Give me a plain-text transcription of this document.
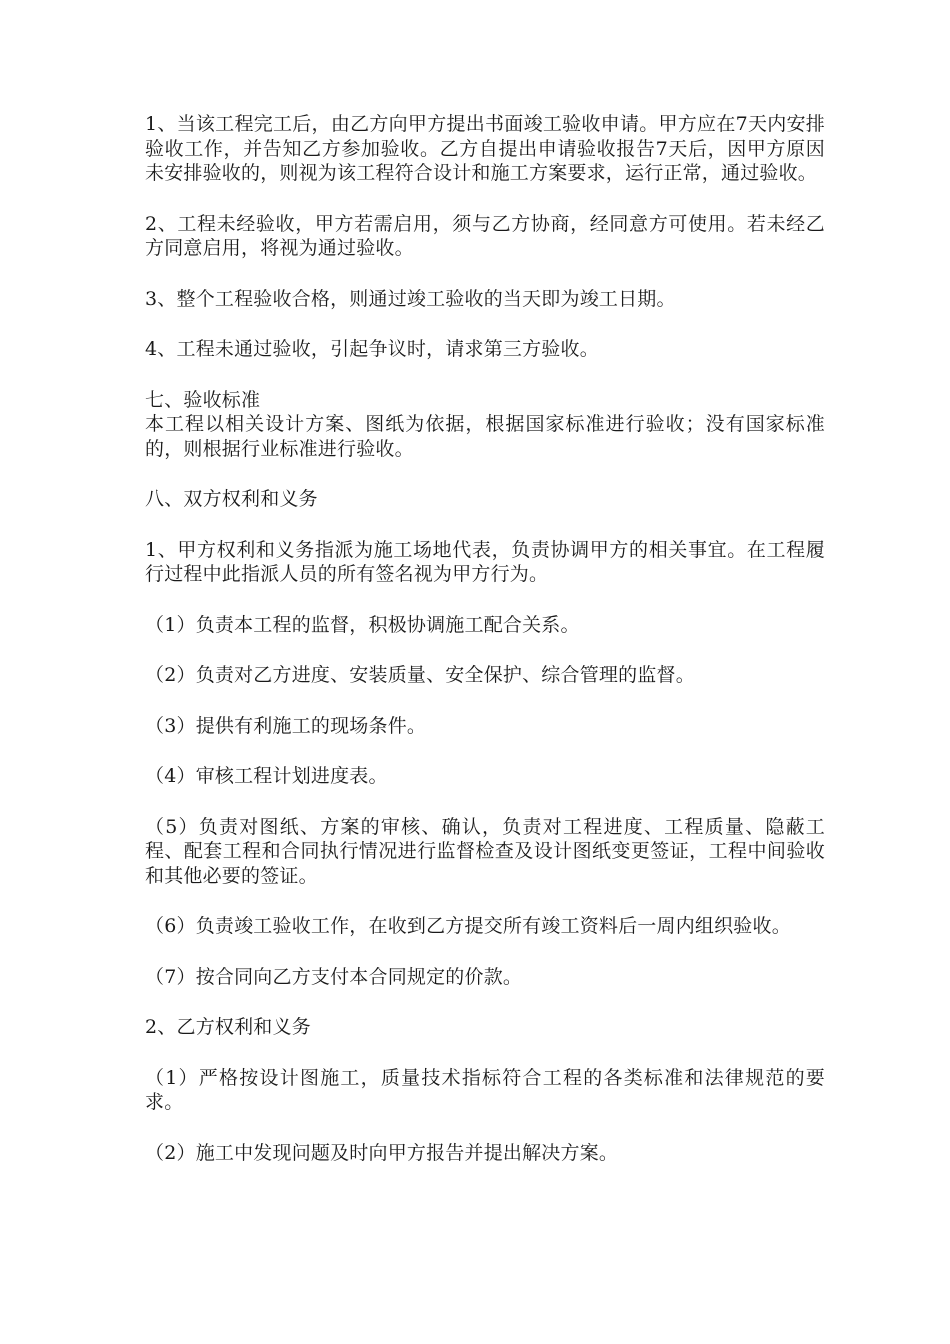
1、当该工程完工后，由乙方向甲方提出书面竣工验收申请。甲方应在7天内安排验收工作，并告知乙方参加验收。乙方自提出申请验收报告7天后，因甲方原因未安排验收的，则视为该工程符合设计和施工方案要求，运行正常，通过验收。

2、工程未经验收，甲方若需启用，须与乙方协商，经同意方可使用。若未经乙方同意启用，将视为通过验收。

3、整个工程验收合格，则通过竣工验收的当天即为竣工日期。

4、工程未通过验收，引起争议时，请求第三方验收。

七、验收标准

本工程以相关设计方案、图纸为依据，根据国家标准进行验收；没有国家标准的，则根据行业标准进行验收。

八、双方权利和义务

1、甲方权利和义务指派为施工场地代表，负责协调甲方的相关事宜。在工程履行过程中此指派人员的所有签名视为甲方行为。

（1）负责本工程的监督，积极协调施工配合关系。

（2）负责对乙方进度、安装质量、安全保护、综合管理的监督。

（3）提供有利施工的现场条件。

（4）审核工程计划进度表。

（5）负责对图纸、方案的审核、确认，负责对工程进度、工程质量、隐蔽工程、配套工程和合同执行情况进行监督检查及设计图纸变更签证，工程中间验收和其他必要的签证。

（6）负责竣工验收工作，在收到乙方提交所有竣工资料后一周内组织验收。

（7）按合同向乙方支付本合同规定的价款。

2、乙方权利和义务

（1）严格按设计图施工，质量技术指标符合工程的各类标准和法律规范的要求。

（2）施工中发现问题及时向甲方报告并提出解决方案。
